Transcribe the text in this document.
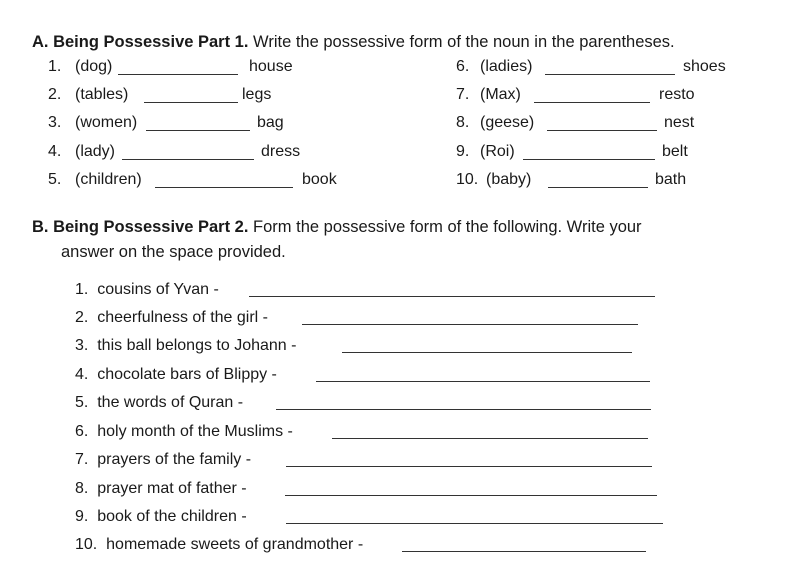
A. Being Possessive Part 1. Write the possessive form of the noun in the parentheses.
1. (dog)	house
2. (tables)	legs
3. (women)	bag
4. (lady)	dress
5. (children)	book
6. (ladies)	shoes
7. (Max)	resto
8. (geese)	nest
9. (Roi)	belt
10. (baby)	bath
B. Being Possessive Part 2. Form the possessive form of the following. Write your
answer on the space provided.
1. cousins of Yvan -
2. cheerfulness of the girl -
3. this ball belongs to Johann -
4. chocolate bars of Blippy -
5. the words of Quran -
6. holy month of the Muslims -
7. prayers of the family -
8. prayer mat of father -
9. book of the children -
10. homemade sweets of grandmother -
